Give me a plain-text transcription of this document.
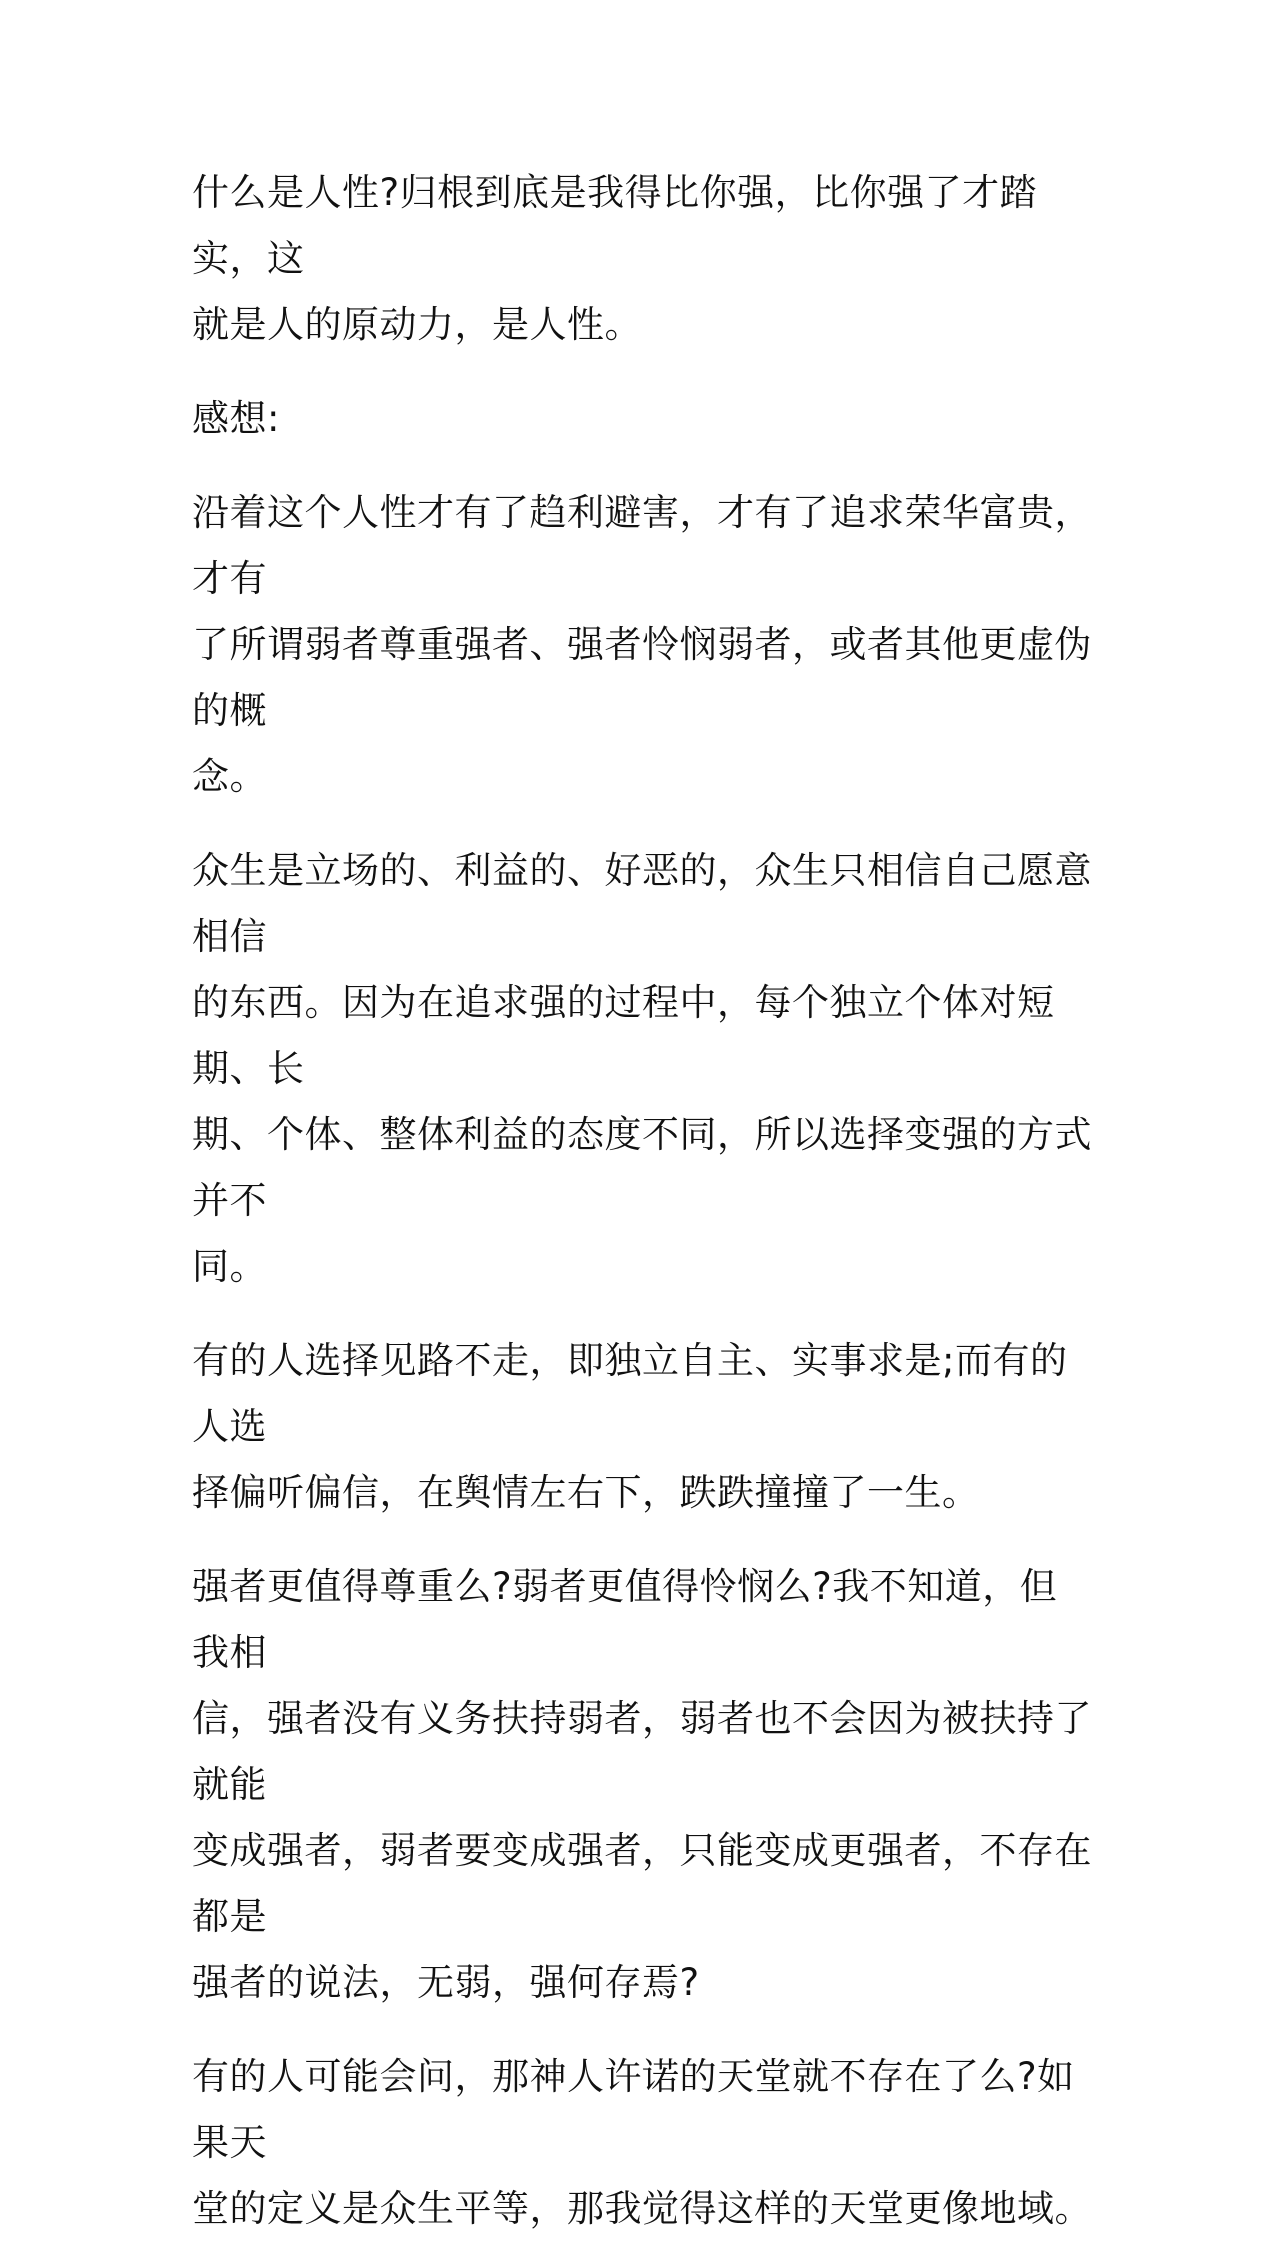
什么是人性?归根到底是我得比你强，比你强了才踏实，这
就是人的原动力，是人性。

感想:

沿着这个人性才有了趋利避害，才有了追求荣华富贵，才有
了所谓弱者尊重强者、强者怜悯弱者，或者其他更虚伪的概
念。

众生是立场的、利益的、好恶的，众生只相信自己愿意相信
的东西。因为在追求强的过程中，每个独立个体对短期、长
期、个体、整体利益的态度不同，所以选择变强的方式并不
同。

有的人选择见路不走，即独立自主、实事求是;而有的人选
择偏听偏信，在舆情左右下，跌跌撞撞了一生。

强者更值得尊重么?弱者更值得怜悯么?我不知道，但我相
信，强者没有义务扶持弱者，弱者也不会因为被扶持了就能
变成强者，弱者要变成强者，只能变成更强者，不存在都是
强者的说法，无弱，强何存焉?

有的人可能会问，那神人许诺的天堂就不存在了么?如果天
堂的定义是众生平等，那我觉得这样的天堂更像地域。
